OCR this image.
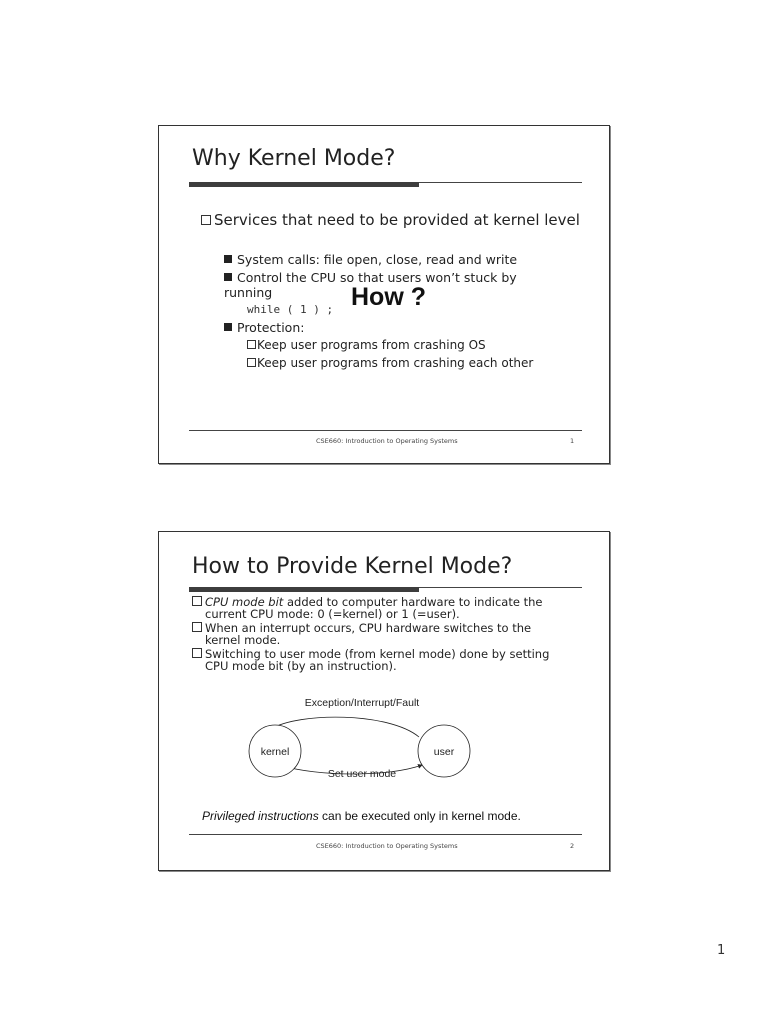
Why Kernel Mode?
Services that need to be provided at kernel level
System calls: file open, close, read and write
Control the CPU so that users won’t stuck by running
while ( 1 ) ; How ?
Protection:
Keep user programs from crashing OS
Keep user programs from crashing each other
CSE660: Introduction to Operating Systems	1
How to Provide Kernel Mode?
CPU mode bit added to computer hardware to indicate the current CPU mode: 0 (=kernel) or 1 (=user).
When an interrupt occurs, CPU hardware switches to the kernel mode.
Switching to user mode (from kernel mode) done by setting CPU mode bit (by an instruction).
Exception/Interrupt/Fault
kernel	user
Set user mode
Privileged instructions can be executed only in kernel mode.
CSE660: Introduction to Operating Systems	2
1
